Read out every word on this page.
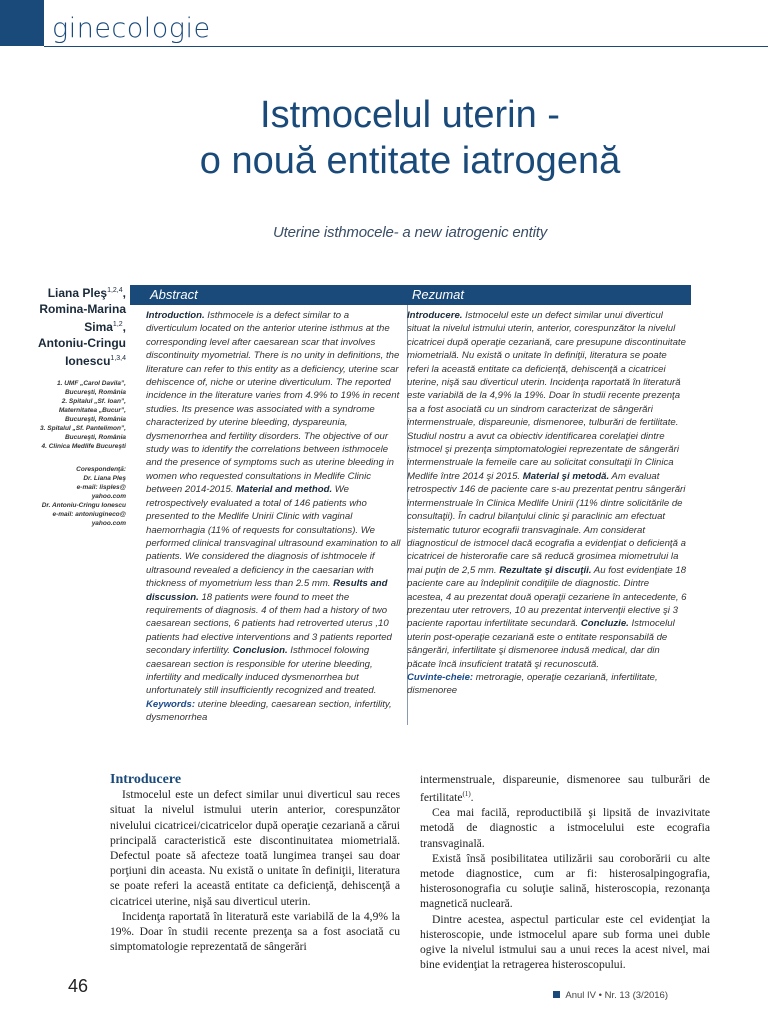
ginecologie
Istmocelul uterin -
o nouă entitate iatrogenă
Uterine isthmocele- a new iatrogenic entity
Liana Pleş$^{1,2,4}$,
Romina-Marina Sima$^{1,2}$,
Antoniu-Cringu Ionescu$^{1,3,4}$
1. UMF „Carol Davila”,
Bucureşti, România
2. Spitalul „Sf. Ioan”,
Maternitatea „Bucur”,
Bucureşti, România
3. Spitalul „Sf. Pantelimon”,
Bucureşti, România
4. Clinica Medlife Bucureşti
Corespondenţă:
Dr. Liana Pleş
e-mail: lisples@
yahoo.com
Dr. Antoniu-Cringu Ionescu
e-mail: antoniugineco@
yahoo.com
Abstract	Rezumat
Introduction. Isthmocele is a defect similar to a diverticulum located on the anterior uterine isthmus at the corresponding level after caesarean scar that involves discontinuity myometrial. There is no unity in definitions, the literature can refer to this entity as a deficiency, uterine scar dehiscence of, niche or uterine diverticulum. The reported incidence in the literature varies from 4.9% to 19% in recent studies. Its presence was associated with a syndrome characterized by uterine bleeding, dyspareunia, dysmenorrhea and fertility disorders. The objective of our study was to identify the correlations between isthmocele and the presence of symptoms such as uterine bleeding in women who requested consultations in Medlife Clinic between 2014-2015. Material and method. We retrospectively evaluated a total of 146 patients who presented to the Medlife Unirii Clinic with vaginal haemorrhagia (11% of requests for consultations). We performed clinical transvaginal ultrasound examination to all patients. We considered the diagnosis of ishtmocele if ultrasound revealed a deficiency in the caesarian with thickness of myometrium less than 2.5 mm. Results and discussion. 18 patients were found to meet the requirements of diagnosis. 4 of them had a history of two caesarean sections, 6 patients had retroverted uterus ,10 patients had elective interventions and 3 patients reported secondary infertility. Conclusion. Isthmocel folowing caesarean section is responsible for uterine bleeding, infertility and medically induced dysmenorrhea but unfortunately still insufficiently recognized and treated.
Keywords: uterine bleeding, caesarean section, infertility, dysmenorrhea
Introducere. Istmocelul este un defect similar unui diverticul situat la nivelul istmului uterin, anterior, corespunzător la nivelul cicatricei după operaţie cezariană, care presupune discontinuitate miometrială. Nu există o unitate în definiţii, literatura se poate referi la această entitate ca deficienţă, dehiscenţă a cicatricei uterine, nişă sau diverticul uterin. Incidenţa raportată în literatură este variabilă de la 4,9% la 19%. Doar în studii recente prezenţa sa a fost asociată cu un sindrom caracterizat de sângerări intermenstruale, dispareunie, dismenoree, tulburări de fertilitate. Studiul nostru a avut ca obiectiv identificarea corelaţiei dintre istmocel şi prezenţa simptomatologiei reprezentate de sângerări intermenstruale la femeile care au solicitat consultaţii în Clinica Medlife între 2014 şi 2015. Material şi metodă. Am evaluat retrospectiv 146 de paciente care s-au prezentat pentru sângerări intermenstruale în Clinica Medlife Unirii (11% dintre solicitările de consultaţii). În cadrul bilanţului clinic şi paraclinic am efectuat sistematic tuturor ecografii transvaginale. Am considerat diagnosticul de istmocel dacă ecografia a evidenţiat o deficienţă a cicatricei de histerorafie care să reducă grosimea miometrului la mai puţin de 2,5 mm. Rezultate şi discuţii. Au fost evidenţiate 18 paciente care au îndeplinit condiţiile de diagnostic. Dintre acestea, 4 au prezentat două operaţii cezariene în antecedente, 6 prezentau uter retrovers, 10 au prezentat intervenţii elective şi 3 paciente raportau infertilitate secundară. Concluzie. Istmocelul uterin post-operaţie cezariană este o entitate responsabilă de sângerări, infertilitate şi dismenoree indusă medical, dar din păcate încă insuficient tratată şi recunoscută.
Cuvinte-cheie: metroragie, operaţie cezariană, infertilitate, dismenoree

Introducere

Istmocelul este un defect similar unui diverticul sau reces situat la nivelul istmului uterin anterior, corespunzător nivelului cicatricei/cicatricelor după operaţie cezariană a cărui principală caracteristică este discontinuitatea miometrială. Defectul poate să afecteze toată lungimea tranşei sau doar porţiuni din aceasta. Nu există o unitate în definiţii, literatura se poate referi la această entitate ca deficienţă, dehiscenţă a cicatricei uterine, nişă sau diverticul uterin.

Incidenţa raportată în literatură este variabilă de la 4,9% la 19%. Doar în studii recente prezenţa sa a fost asociată cu simptomatologie reprezentată de sângerări

intermenstruale, dispareunie, dismenoree sau tulburări de fertilitate$^{(1)}$.

Cea mai facilă, reproductibilă şi lipsită de invazivitate metodă de diagnostic a istmocelului este ecografia transvaginală.

Există însă posibilitatea utilizării sau coroborării cu alte metode diagnostice, cum ar fi: histerosalpingografia, histerosonografia cu soluţie salină, histeroscopia, rezonanţa magnetică nucleară.

Dintre acestea, aspectul particular este cel evidenţiat la histeroscopie, unde istmocelul apare sub forma unei duble ogive la nivelul istmului sau a unui reces la acest nivel, mai bine evidenţiat la retragerea histeroscopului.

46	Anul IV • Nr. 13 (3/2016)
